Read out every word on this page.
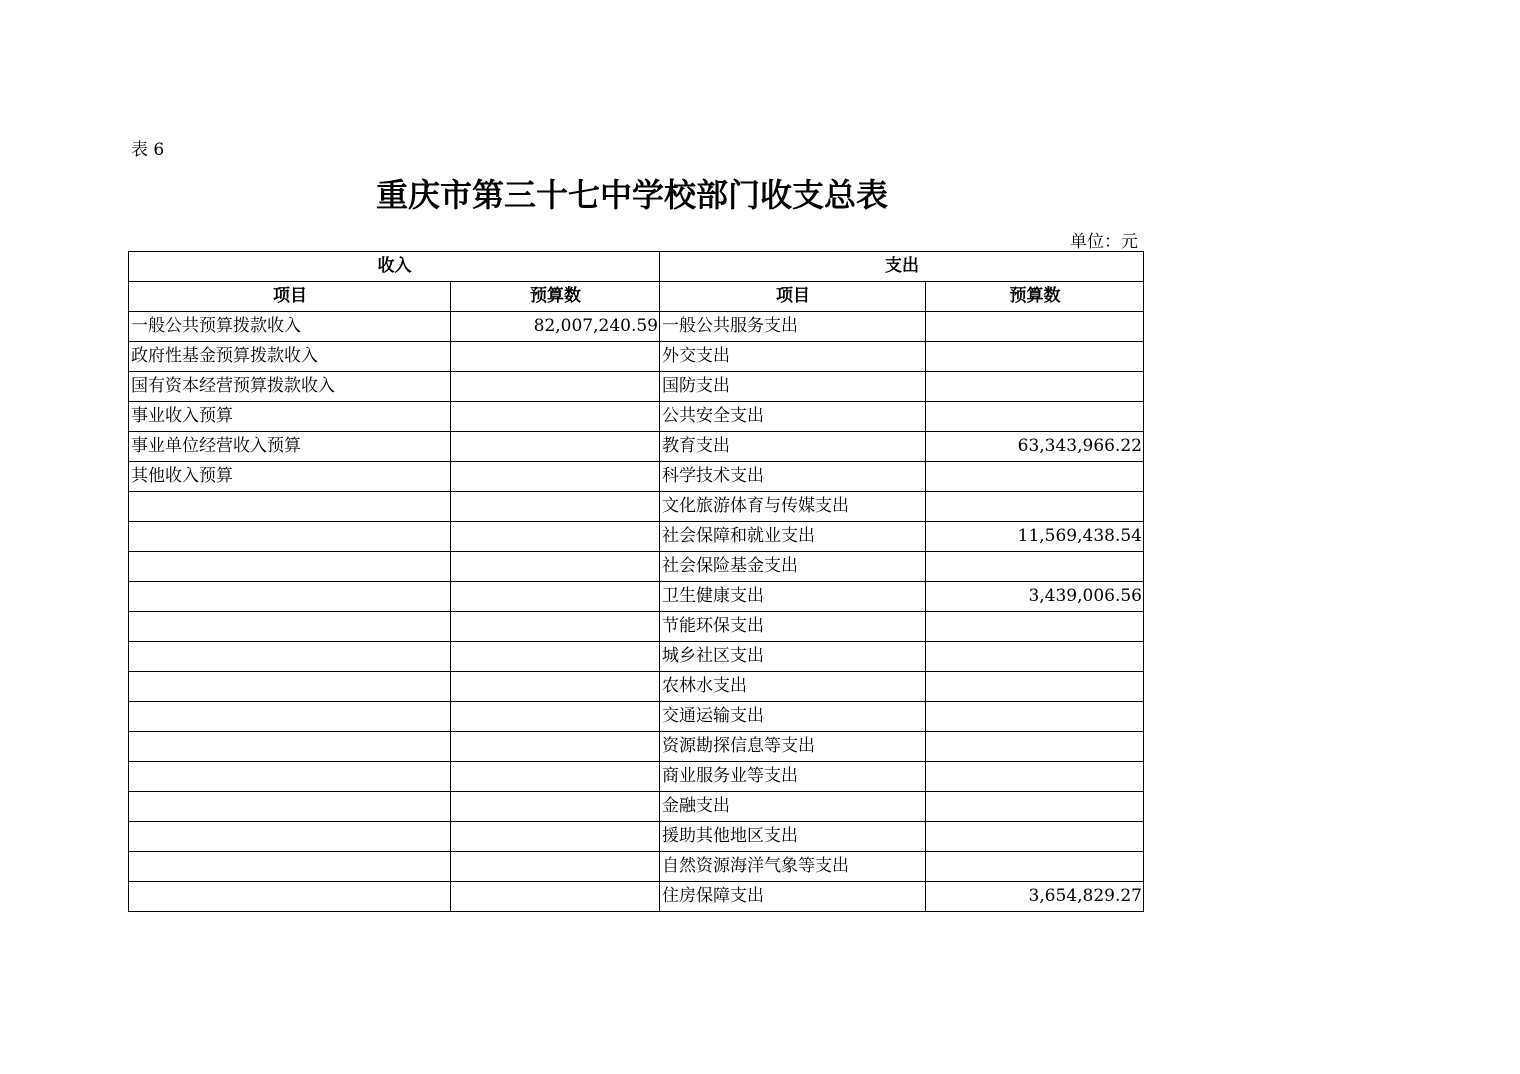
表 6
重庆市第三十七中学校部门收支总表
单位：元
收入		支出	
项目	预算数	项目	预算数
一般公共预算拨款收入	82,007,240.59	一般公共服务支出	
政府性基金预算拨款收入		外交支出	
国有资本经营预算拨款收入		国防支出	
事业收入预算		公共安全支出	
事业单位经营收入预算		教育支出	63,343,966.22
其他收入预算		科学技术支出	
		文化旅游体育与传媒支出	
		社会保障和就业支出	11,569,438.54
		社会保险基金支出	
		卫生健康支出	3,439,006.56
		节能环保支出	
		城乡社区支出	
		农林水支出	
		交通运输支出	
		资源勘探信息等支出	
		商业服务业等支出	
		金融支出	
		援助其他地区支出	
		自然资源海洋气象等支出	
		住房保障支出	3,654,829.27
